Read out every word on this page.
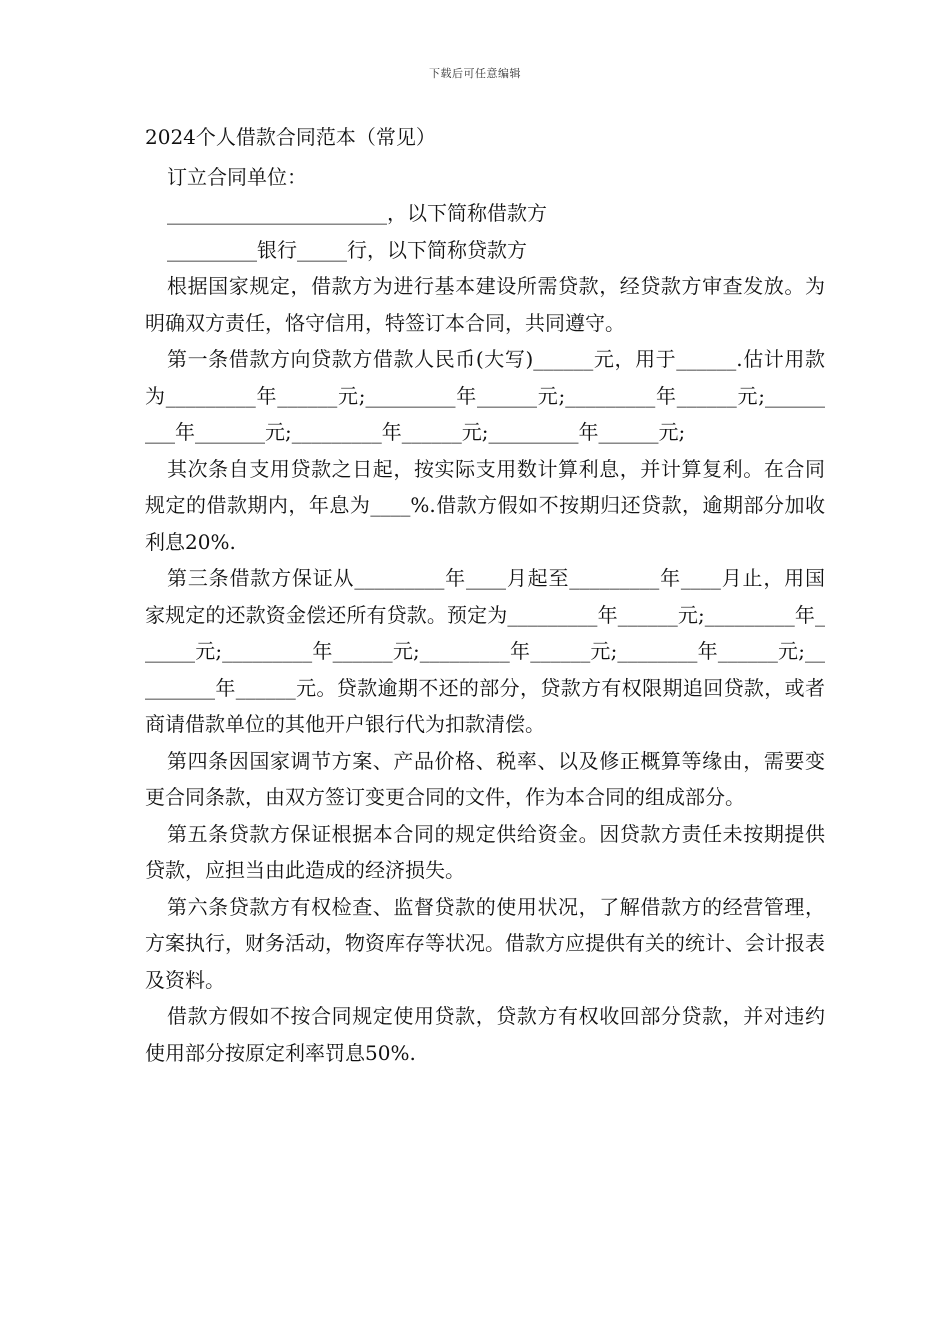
下载后可任意编辑

2024个人借款合同范本（常见）

订立合同单位：

______________________，以下简称借款方

_________银行_____行，以下简称贷款方

根据国家规定，借款方为进行基本建设所需贷款，经贷款方审查发放。为明确双方责任，恪守信用，特签订本合同，共同遵守。

第一条借款方向贷款方借款人民币(大写)______元，用于______.估计用款为_________年______元;_________年______元;_________年______元;_________年_______元;_________年______元;_________年______元;

其次条自支用贷款之日起，按实际支用数计算利息，并计算复利。在合同规定的借款期内，年息为____%.借款方假如不按期归还贷款，逾期部分加收利息20%.

第三条借款方保证从_________年____月起至_________年____月止，用国家规定的还款资金偿还所有贷款。预定为_________年______元;_________年______元;_________年______元;_________年______元;________年______元;_________年______元。贷款逾期不还的部分，贷款方有权限期追回贷款，或者商请借款单位的其他开户银行代为扣款清偿。

第四条因国家调节方案、产品价格、税率、以及修正概算等缘由，需要变更合同条款，由双方签订变更合同的文件，作为本合同的组成部分。

第五条贷款方保证根据本合同的规定供给资金。因贷款方责任未按期提供贷款，应担当由此造成的经济损失。

第六条贷款方有权检查、监督贷款的使用状况，了解借款方的经营管理，方案执行，财务活动，物资库存等状况。借款方应提供有关的统计、会计报表及资料。

借款方假如不按合同规定使用贷款，贷款方有权收回部分贷款，并对违约使用部分按原定利率罚息50%.
